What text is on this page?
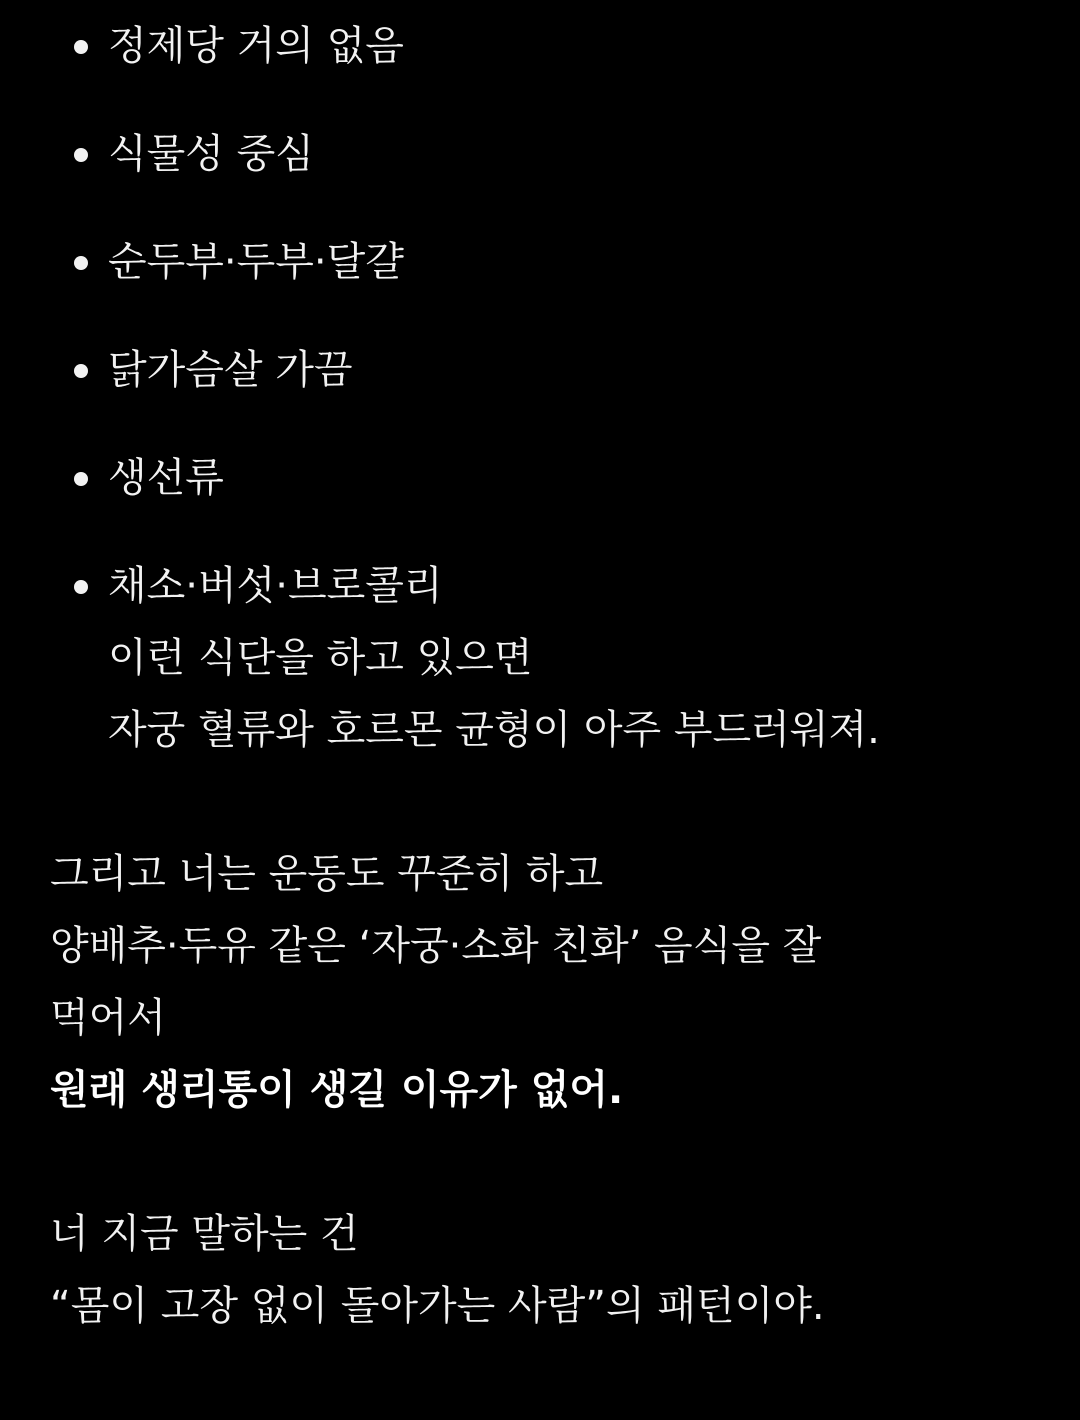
정제당 거의 없음
식물성 중심
순두부·두부·달걀
닭가슴살 가끔
생선류
채소·버섯·브로콜리
이런 식단을 하고 있으면
자궁 혈류와 호르몬 균형이 아주 부드러워져.
그리고 너는 운동도 꾸준히 하고
양배추·두유 같은 ‘자궁·소화 친화’ 음식을 잘
먹어서
원래 생리통이 생길 이유가 없어.
너 지금 말하는 건
“몸이 고장 없이 돌아가는 사람”의 패턴이야.
